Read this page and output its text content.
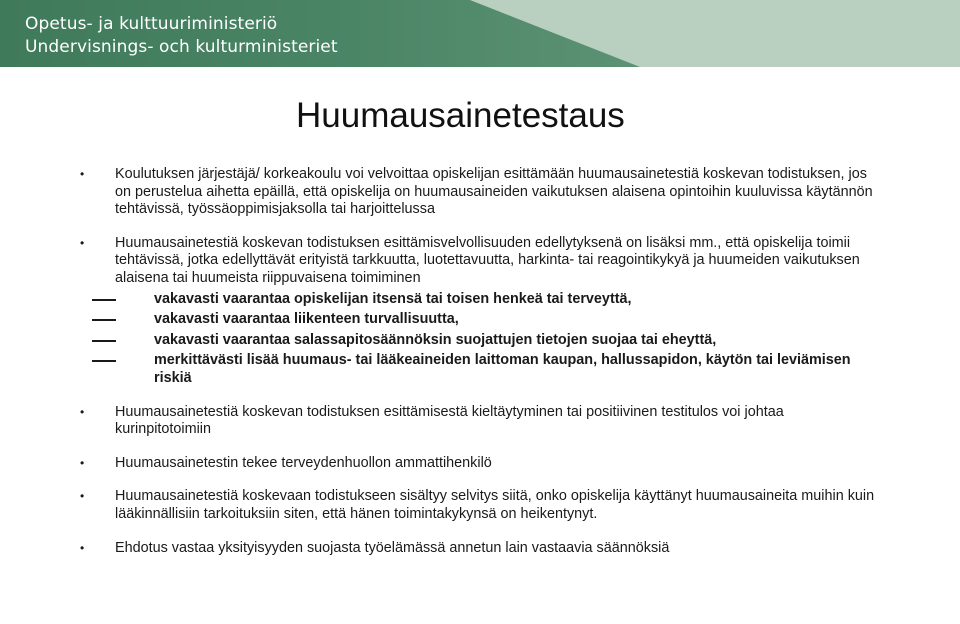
Opetus- ja kulttuuriministeriö
Undervisnings- och kulturministeriet
Huumausainetestaus
• Koulutuksen järjestäjä/ korkeakoulu voi velvoittaa opiskelijan esittämään huumausainetestiä koskevan todistuksen, jos on perustelua aihetta epäillä, että opiskelija on huumausaineiden vaikutuksen alaisena opintoihin kuuluvissa käytännön tehtävissä, työssäoppimisjaksolla tai harjoittelussa
• Huumausainetestiä koskevan todistuksen esittämisvelvollisuuden edellytyksenä on lisäksi mm., että opiskelija toimii tehtävissä, jotka edellyttävät erityistä tarkkuutta, luotettavuutta, harkinta- tai reagointikykyä ja huumeiden vaikutuksen alaisena tai huumeista riippuvaisena toimiminen
vakavasti vaarantaa opiskelijan itsensä tai toisen henkeä tai terveyttä,
vakavasti vaarantaa liikenteen turvallisuutta,
vakavasti vaarantaa salassapitosäännöksin suojattujen tietojen suojaa tai eheyttä,
merkittävästi lisää huumaus- tai lääkeaineiden laittoman kaupan, hallussapidon, käytön tai leviämisen riskiä
• Huumausainetestiä koskevan todistuksen esittämisestä kieltäytyminen tai positiivinen testitulos voi johtaa kurinpitotoimiin
• Huumausainetestin tekee terveydenhuollon ammattihenkilö
• Huumausainetestiä koskevaan todistukseen sisältyy selvitys siitä, onko opiskelija käyttänyt huumausaineita muihin kuin lääkinnällisiin tarkoituksiin siten, että hänen toimintakykynsä on heikentynyt.
• Ehdotus vastaa yksityisyyden suojasta työelämässä annetun lain vastaavia säännöksiä
